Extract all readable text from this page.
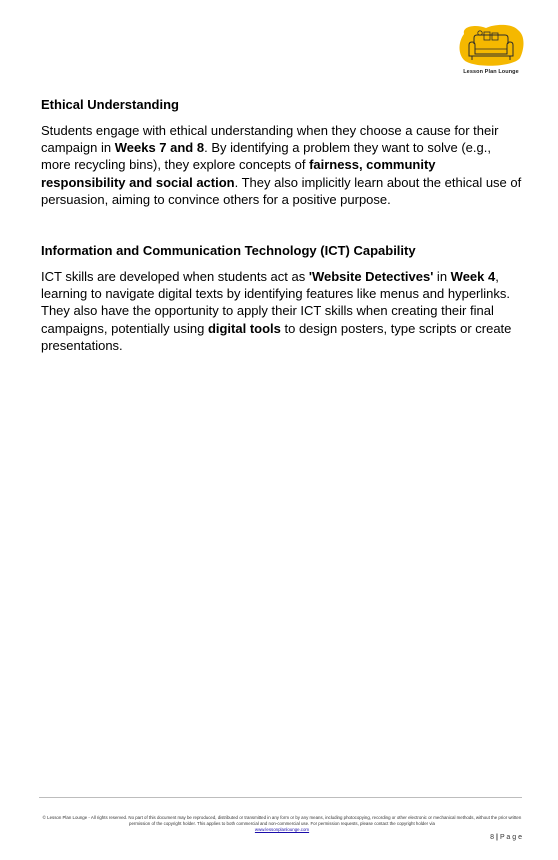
Lesson Plan Lounge
Ethical Understanding

Students engage with ethical understanding when they choose a cause for their campaign in Weeks 7 and 8. By identifying a problem they want to solve (e.g., more recycling bins), they explore concepts of fairness, community responsibility and social action. They also implicitly learn about the ethical use of persuasion, aiming to convince others for a positive purpose.

Information and Communication Technology (ICT) Capability

ICT skills are developed when students act as 'Website Detectives' in Week 4, learning to navigate digital texts by identifying features like menus and hyperlinks. They also have the opportunity to apply their ICT skills when creating their final campaigns, potentially using digital tools to design posters, type scripts or create presentations.

© Lesson Plan Lounge - All rights reserved. No part of this document may be reproduced, distributed or transmitted in any form or by any means, including photocopying, recording or other electronic or mechanical methods, without the prior written permission of the copyright holder. This applies to both commercial and non-commercial use. For permission requests, please contact the copyright holder via
www.lessonplanlounge.com
8 | P a g e
